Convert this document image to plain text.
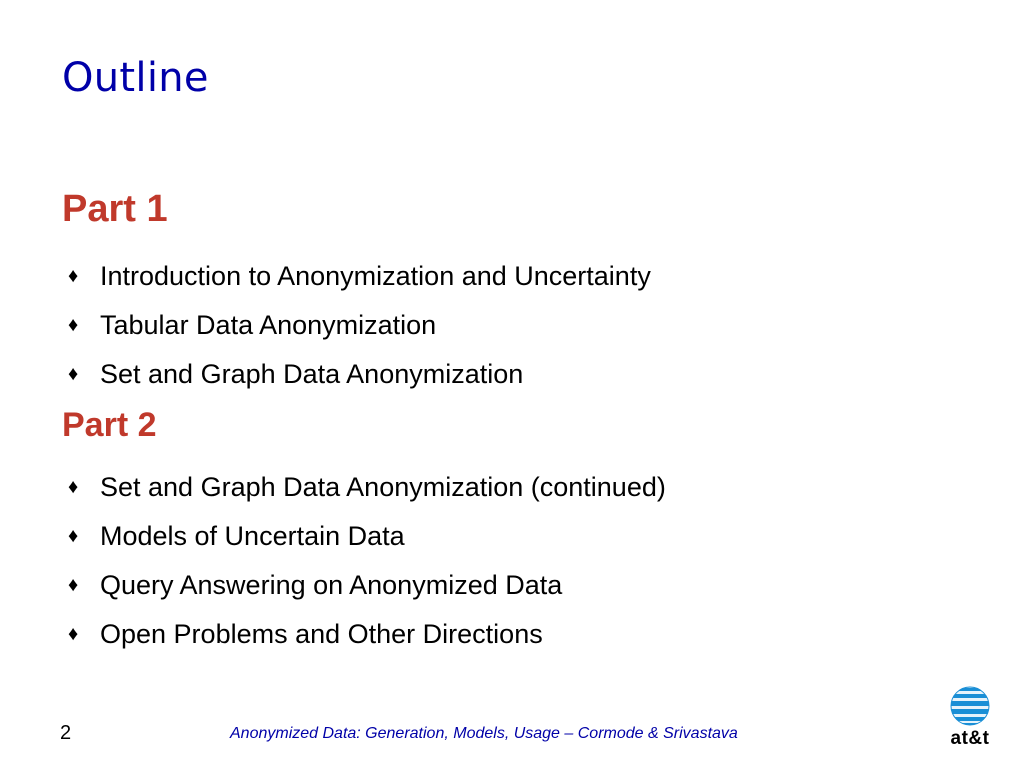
Outline
Part 1
♦ Introduction to Anonymization and Uncertainty
♦ Tabular Data Anonymization
♦ Set and Graph Data Anonymization
Part 2
♦ Set and Graph Data Anonymization (continued)
♦ Models of Uncertain Data
♦ Query Answering on Anonymized Data
♦ Open Problems and Other Directions
2	Anonymized Data: Generation, Models, Usage – Cormode & Srivastava	at&t
